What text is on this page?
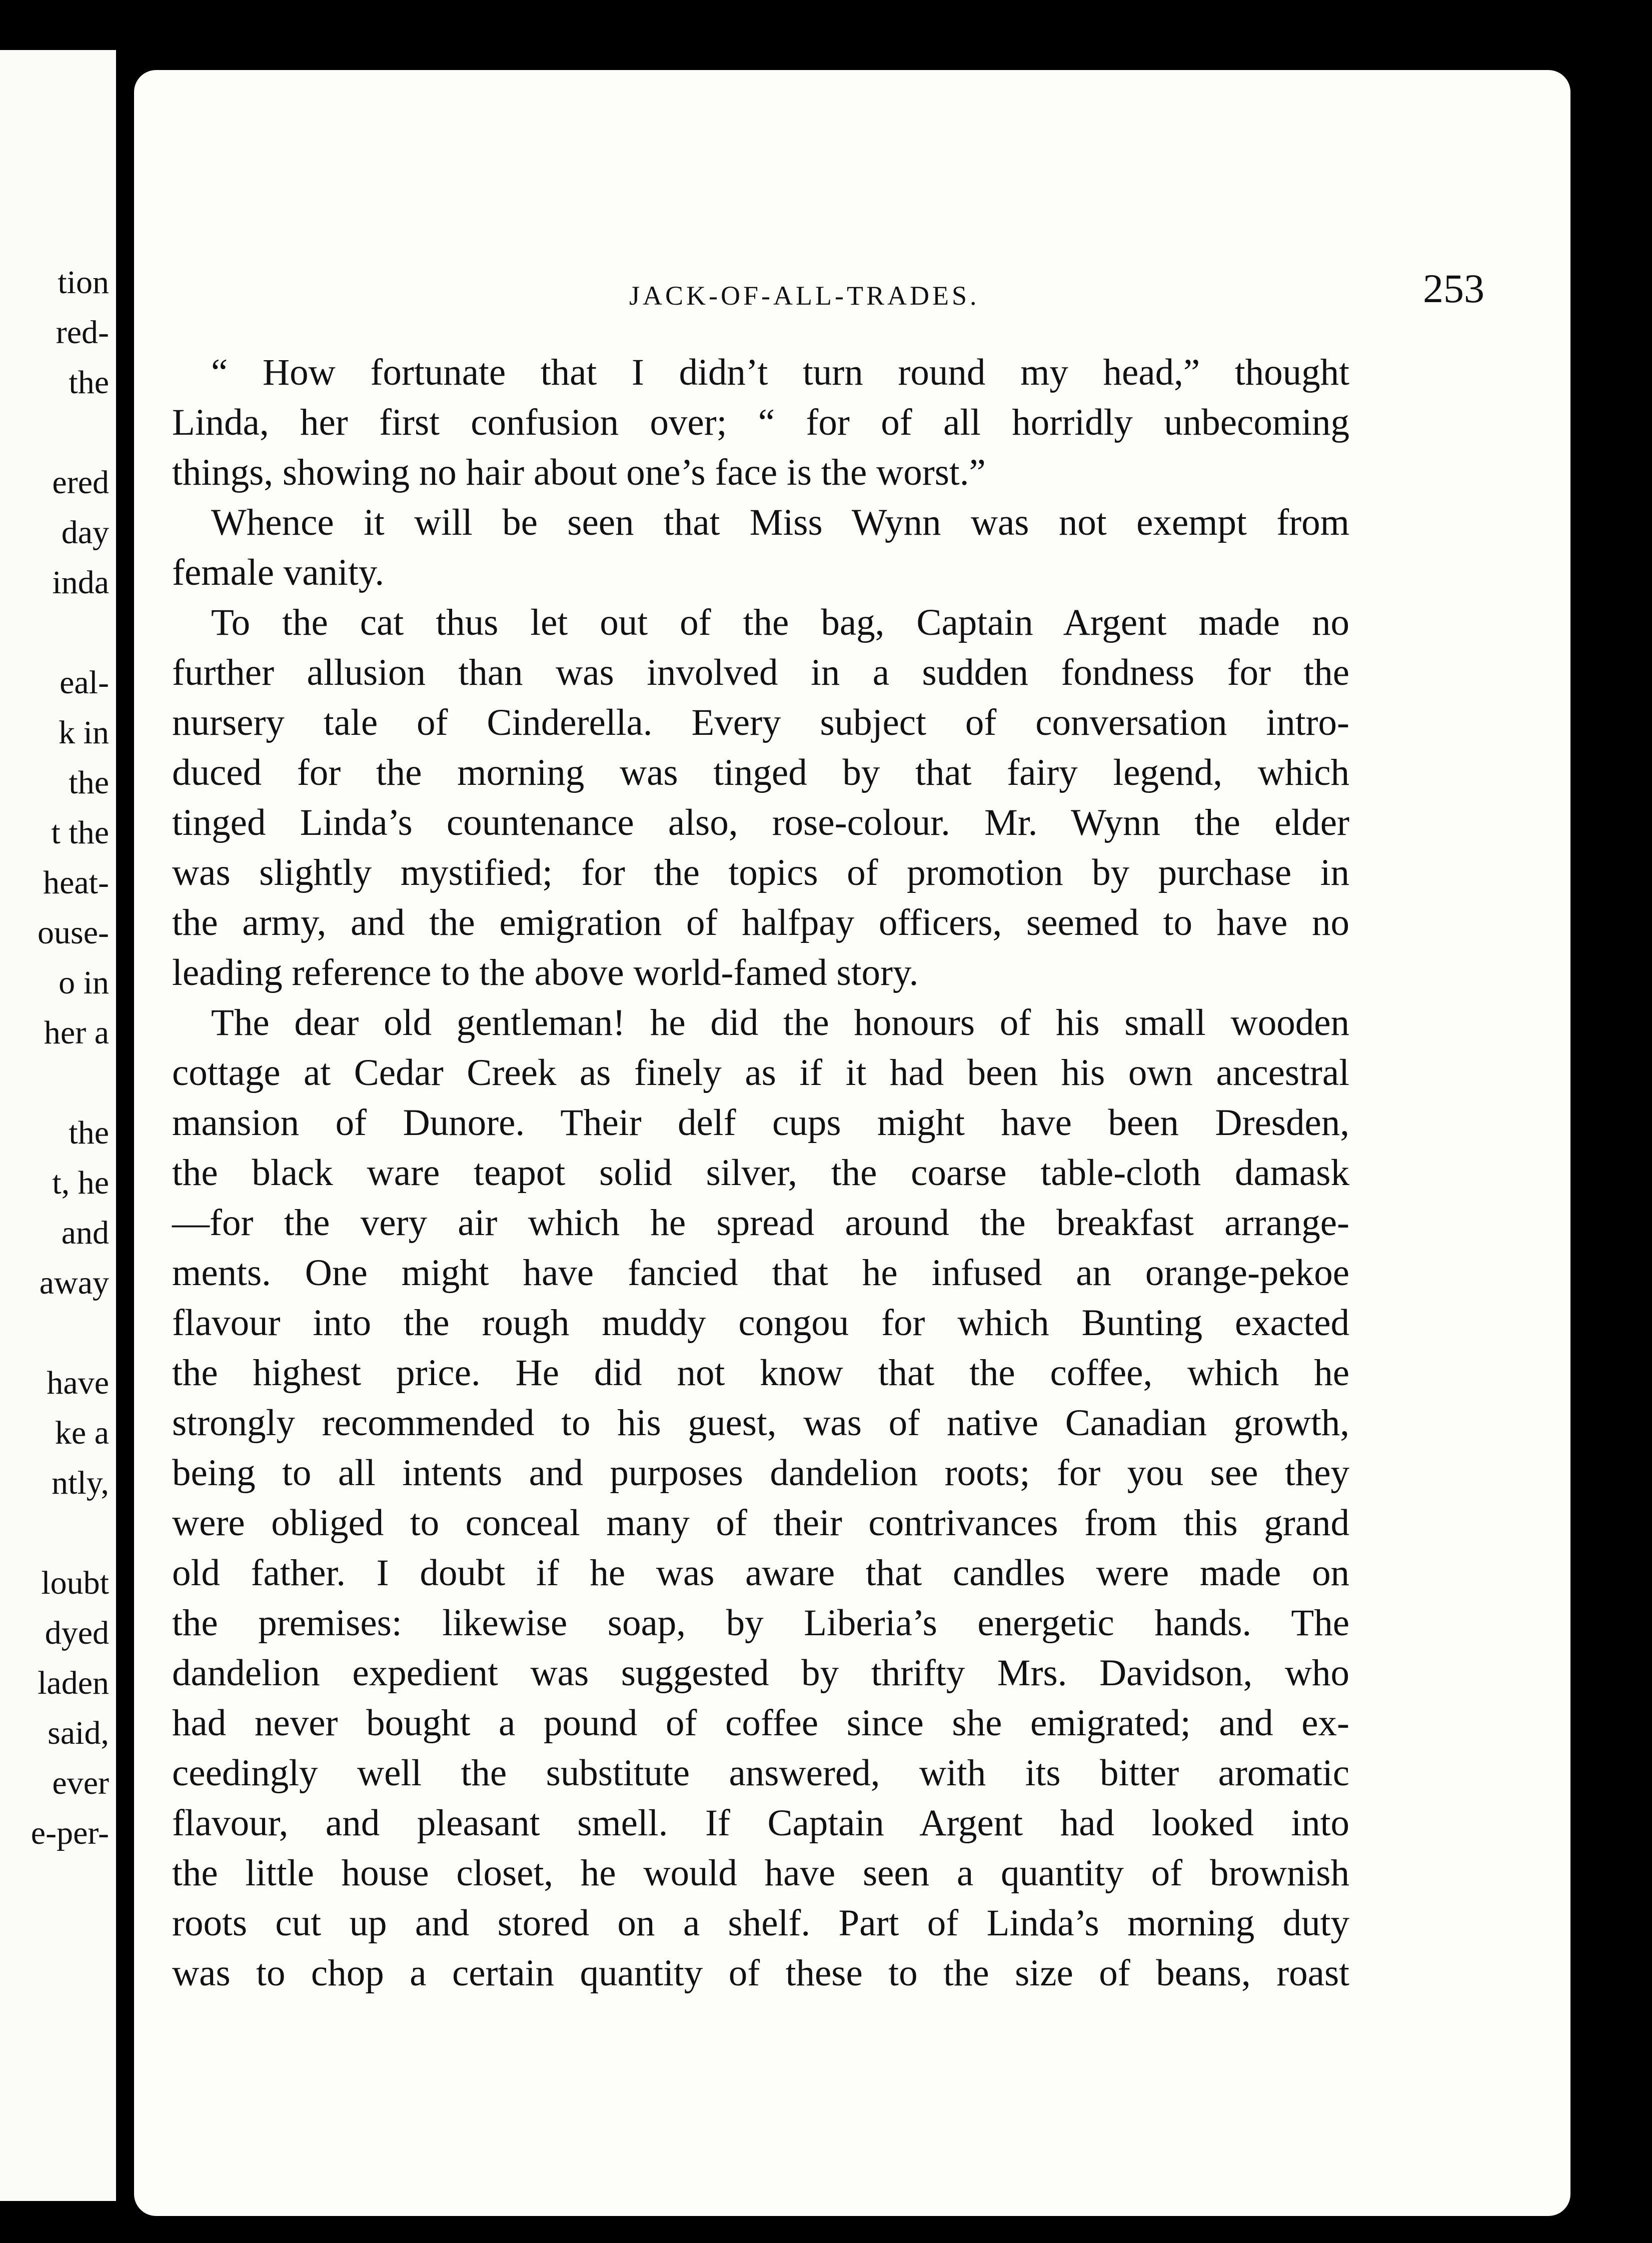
tion
red-
the
ered
day
inda
eal-
k in
the
t the
heat-
ouse-
o in
her a
the
t, he
and
away
have
ke a
ntly,
loubt
dyed
laden
said,
ever
e-per-
JACK-OF-ALL-TRADES.	253
“ How fortunate that I didn’t turn round my head,” thought
Linda, her first confusion over; “ for of all horridly unbecoming
things, showing no hair about one’s face is the worst.”
Whence it will be seen that Miss Wynn was not exempt from
female vanity.
To the cat thus let out of the bag, Captain Argent made no
further allusion than was involved in a sudden fondness for the
nursery tale of Cinderella. Every subject of conversation intro-
duced for the morning was tinged by that fairy legend, which
tinged Linda’s countenance also, rose-colour. Mr. Wynn the elder
was slightly mystified; for the topics of promotion by purchase in
the army, and the emigration of halfpay officers, seemed to have no
leading reference to the above world-famed story.
The dear old gentleman! he did the honours of his small wooden
cottage at Cedar Creek as finely as if it had been his own ancestral
mansion of Dunore. Their delf cups might have been Dresden,
the black ware teapot solid silver, the coarse table-cloth damask
—for the very air which he spread around the breakfast arrange-
ments. One might have fancied that he infused an orange-pekoe
flavour into the rough muddy congou for which Bunting exacted
the highest price. He did not know that the coffee, which he
strongly recommended to his guest, was of native Canadian growth,
being to all intents and purposes dandelion roots; for you see they
were obliged to conceal many of their contrivances from this grand
old father. I doubt if he was aware that candles were made on
the premises: likewise soap, by Liberia’s energetic hands. The
dandelion expedient was suggested by thrifty Mrs. Davidson, who
had never bought a pound of coffee since she emigrated; and ex-
ceedingly well the substitute answered, with its bitter aromatic
flavour, and pleasant smell. If Captain Argent had looked into
the little house closet, he would have seen a quantity of brownish
roots cut up and stored on a shelf. Part of Linda’s morning duty
was to chop a certain quantity of these to the size of beans, roast
